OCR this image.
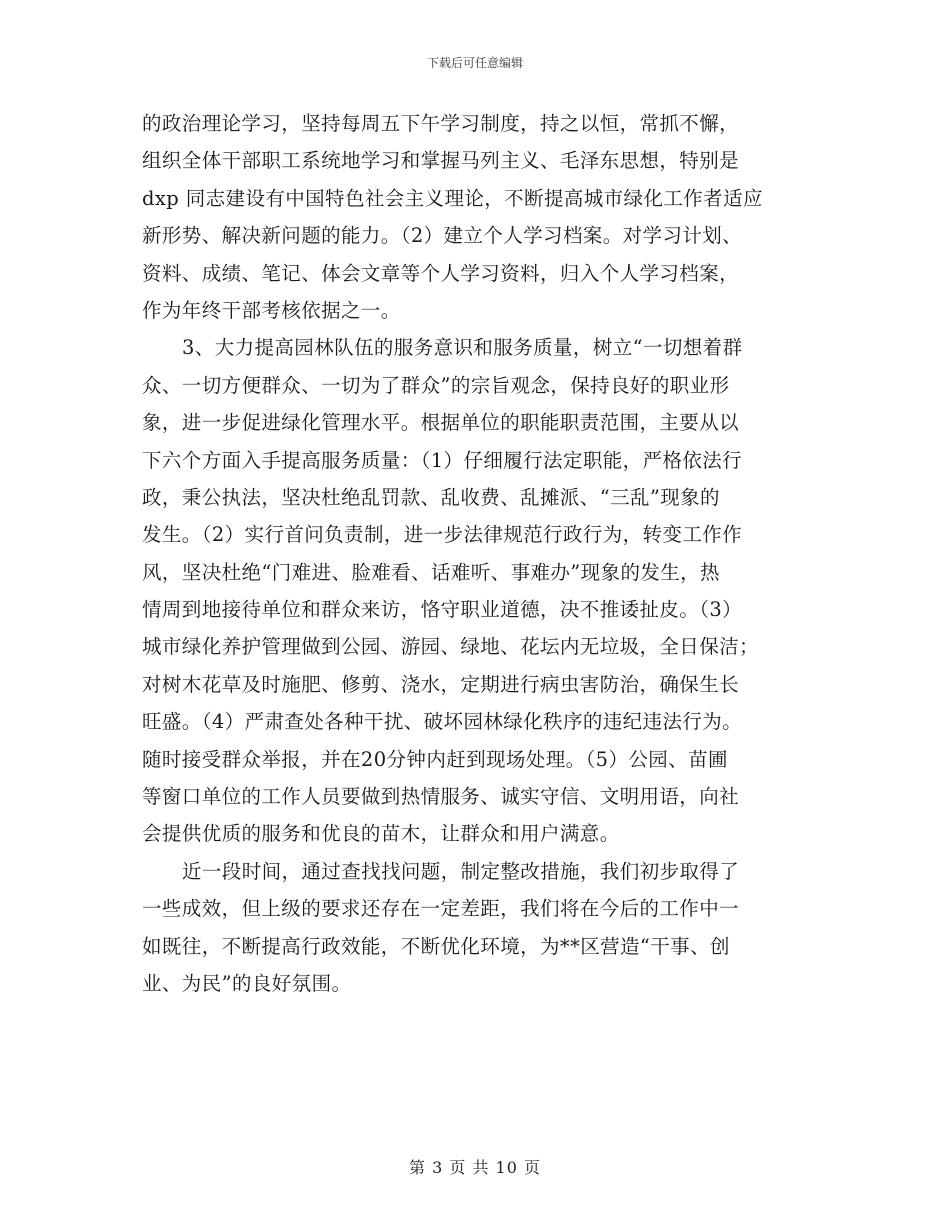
下载后可任意编辑
的政治理论学习，坚持每周五下午学习制度，持之以恒，常抓不懈，
组织全体干部职工系统地学习和掌握马列主义、毛泽东思想，特别是
dxp 同志建设有中国特色社会主义理论，不断提高城市绿化工作者适应
新形势、解决新问题的能力。（2）建立个人学习档案。对学习计划、
资料、成绩、笔记、体会文章等个人学习资料，归入个人学习档案，
作为年终干部考核依据之一。
3、大力提高园林队伍的服务意识和服务质量，树立“一切想着群
众、一切方便群众、一切为了群众”的宗旨观念，保持良好的职业形
象，进一步促进绿化管理水平。根据单位的职能职责范围，主要从以
下六个方面入手提高服务质量：（1）仔细履行法定职能，严格依法行
政，秉公执法，坚决杜绝乱罚款、乱收费、乱摊派、“三乱”现象的
发生。（2）实行首问负责制，进一步法律规范行政行为，转变工作作
风，坚决杜绝“门难进、脸难看、话难听、事难办”现象的发生，热
情周到地接待单位和群众来访，恪守职业道德，决不推诿扯皮。（3）
城市绿化养护管理做到公园、游园、绿地、花坛内无垃圾，全日保洁；
对树木花草及时施肥、修剪、浇水，定期进行病虫害防治，确保生长
旺盛。（4）严肃查处各种干扰、破坏园林绿化秩序的违纪违法行为。
随时接受群众举报，并在20分钟内赶到现场处理。（5）公园、苗圃
等窗口单位的工作人员要做到热情服务、诚实守信、文明用语，向社
会提供优质的服务和优良的苗木，让群众和用户满意。
近一段时间，通过查找找问题，制定整改措施，我们初步取得了
一些成效，但上级的要求还存在一定差距，我们将在今后的工作中一
如既往，不断提高行政效能，不断优化环境，为**区营造“干事、创
业、为民”的良好氛围。
第 3 页 共 10 页
